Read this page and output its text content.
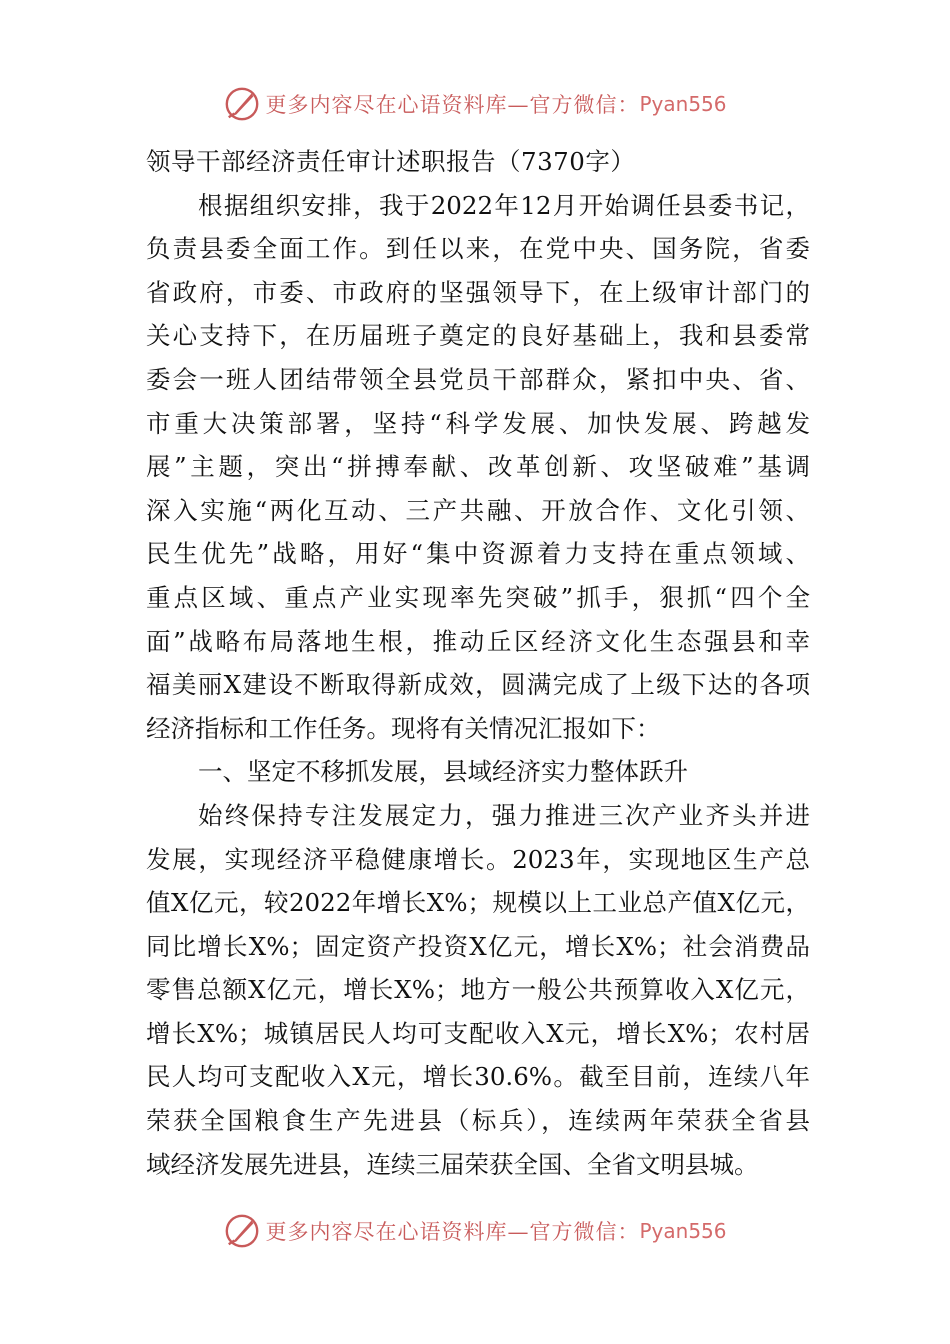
更多内容尽在心语资料库—官方微信： Pyan556
领导干部经济责任审计述职报告（7370字）
根据组织安排，我于2022年12月开始调任县委书记，
负责县委全面工作。到任以来，在党中央、国务院，省委
省政府，市委、市政府的坚强领导下，在上级审计部门的
关心支持下，在历届班子奠定的良好基础上，我和县委常
委会一班人团结带领全县党员干部群众，紧扣中央、省、
市重大决策部署，坚持“科学发展、加快发展、跨越发
展”主题，突出“拼搏奉献、改革创新、攻坚破难”基调
深入实施“两化互动、三产共融、开放合作、文化引领、
民生优先”战略，用好“集中资源着力支持在重点领域、
重点区域、重点产业实现率先突破”抓手，狠抓“四个全
面”战略布局落地生根，推动丘区经济文化生态强县和幸
福美丽X建设不断取得新成效，圆满完成了上级下达的各项
经济指标和工作任务。现将有关情况汇报如下：
一、坚定不移抓发展，县域经济实力整体跃升
始终保持专注发展定力，强力推进三次产业齐头并进
发展，实现经济平稳健康增长。2023年，实现地区生产总
值X亿元，较2022年增长X%；规模以上工业总产值X亿元，
同比增长X%；固定资产投资X亿元，增长X%；社会消费品
零售总额X亿元，增长X%；地方一般公共预算收入X亿元，
增长X%；城镇居民人均可支配收入X元，增长X%；农村居
民人均可支配收入X元，增长30.6%。截至目前，连续八年
荣获全国粮食生产先进县（标兵），连续两年荣获全省县
域经济发展先进县，连续三届荣获全国、全省文明县城。
更多内容尽在心语资料库—官方微信： Pyan556
